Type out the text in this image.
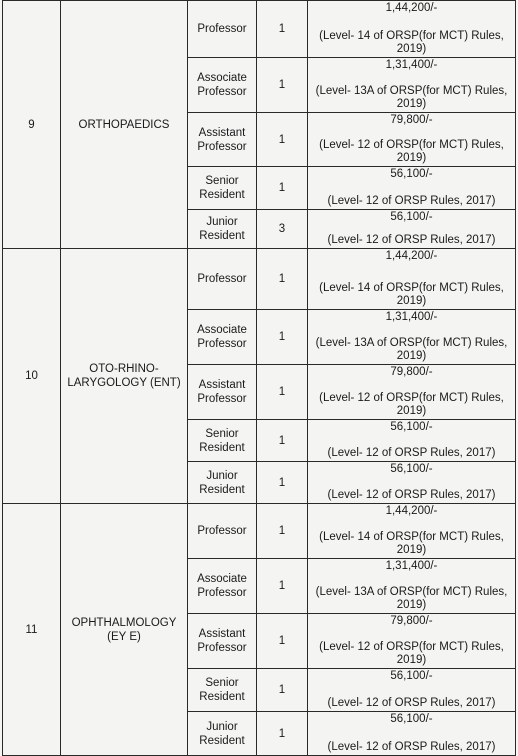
9	ORTHOPAEDICS	Professor	1	1,44,200/-
(Level- 14 of ORSP(for MCT) Rules, 2019)

		Associate Professor	1	1,31,400/-
(Level- 13A of ORSP(for MCT) Rules, 2019)

		Assistant Professor	1	79,800/-
(Level- 12 of ORSP(for MCT) Rules, 2019)

		Senior Resident	1	56,100/-
(Level- 12 of ORSP Rules, 2017)

		Junior Resident	3	56,100/-
(Level- 12 of ORSP Rules, 2017)

10	OTO-RHINO-LARYGOLOGY (ENT)	Professor	1	1,44,200/-
(Level- 14 of ORSP(for MCT) Rules, 2019)

		Associate Professor	1	1,31,400/-
(Level- 13A of ORSP(for MCT) Rules, 2019)

		Assistant Professor	1	79,800/-
(Level- 12 of ORSP(for MCT) Rules, 2019)

		Senior Resident	1	56,100/-
(Level- 12 of ORSP Rules, 2017)

		Junior Resident	1	56,100/-
(Level- 12 of ORSP Rules, 2017)

11	OPHTHALMOLOGY (EY E)	Professor	1	1,44,200/-
(Level- 14 of ORSP(for MCT) Rules, 2019)

		Associate Professor	1	1,31,400/-
(Level- 13A of ORSP(for MCT) Rules, 2019)

		Assistant Professor	1	79,800/-
(Level- 12 of ORSP(for MCT) Rules, 2019)

		Senior Resident	1	56,100/-
(Level- 12 of ORSP Rules, 2017)

		Junior Resident	1	56,100/-
(Level- 12 of ORSP Rules, 2017)
